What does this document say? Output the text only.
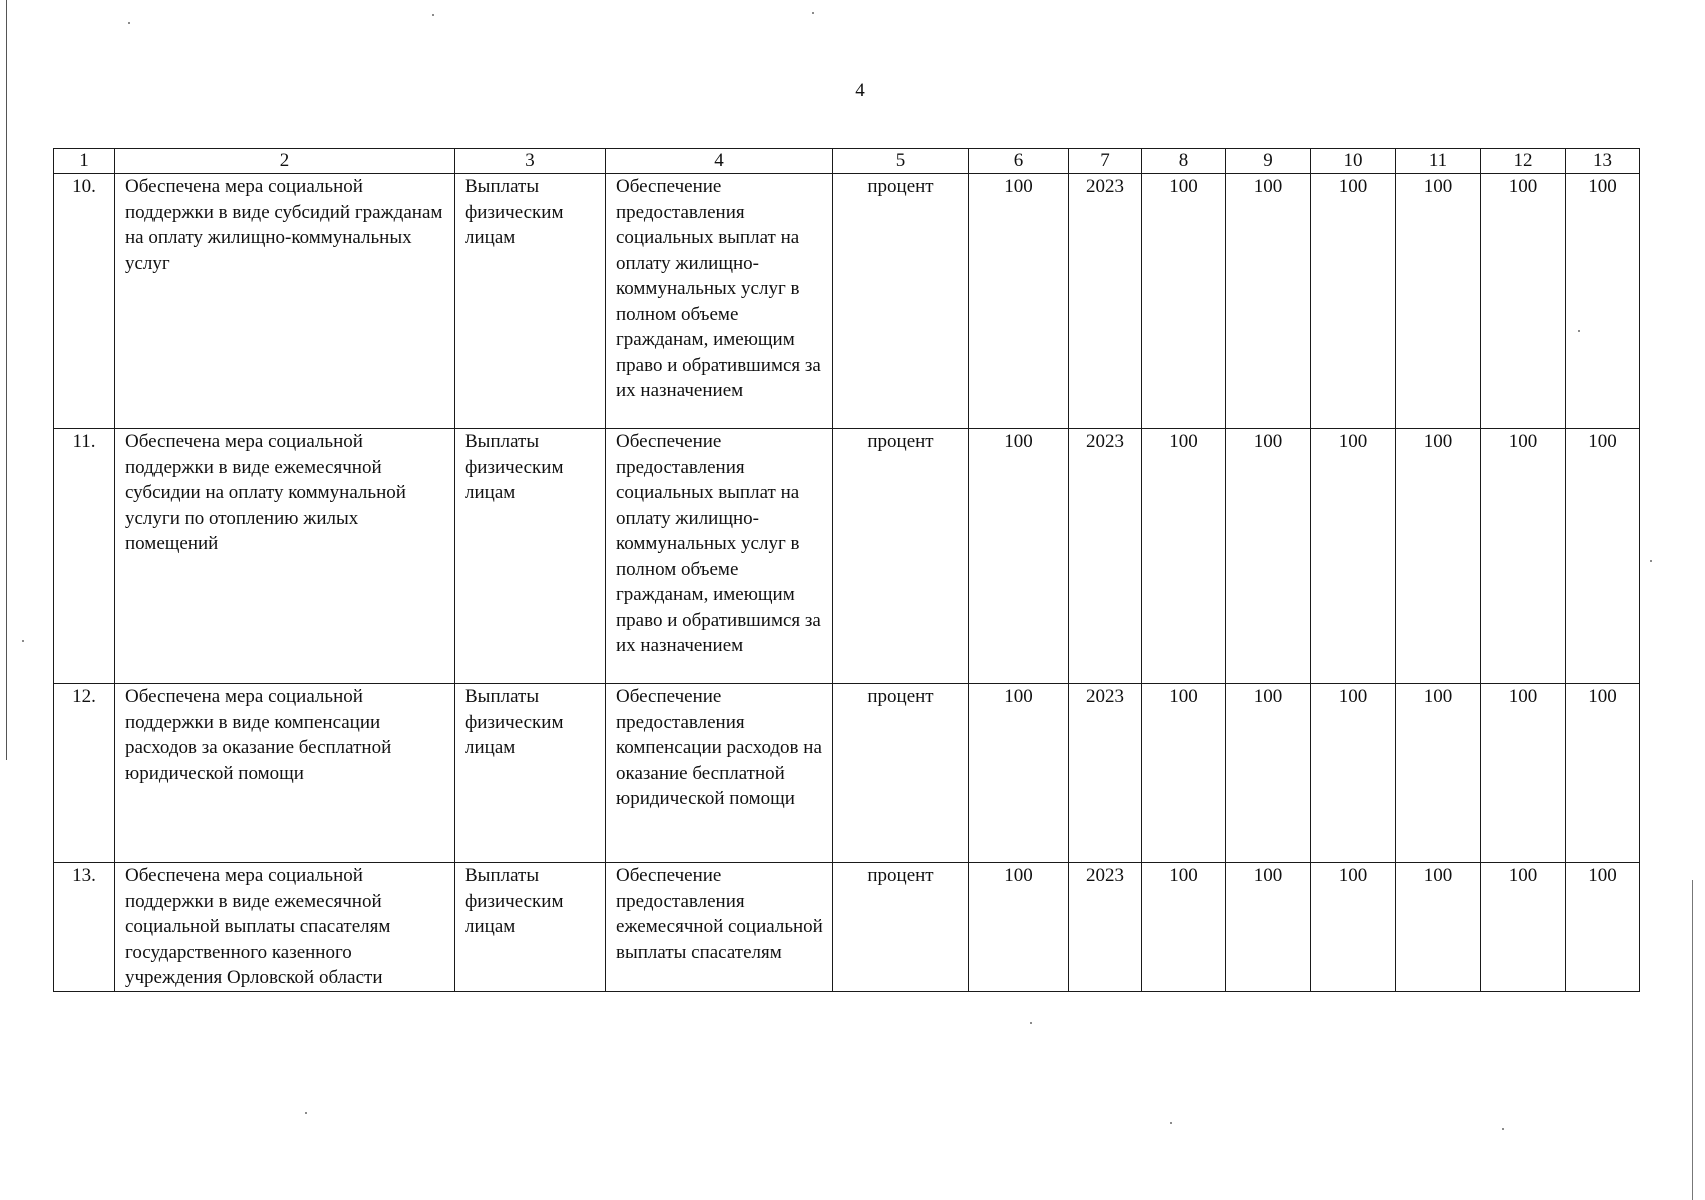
4
1	2	3	4	5	6	7	8	9	10	11	12	13
10.	Обеспечена мера социальной поддержки в виде субсидий гражданам на оплату жилищно-коммунальных услуг	Выплаты физическим лицам	Обеспечение предоставления социальных выплат на оплату жилищно-коммунальных услуг в полном объеме гражданам, имеющим право и обратившимся за их назначением	процент	100	2023	100	100	100	100	100	100
11.	Обеспечена мера социальной поддержки в виде ежемесячной субсидии на оплату коммунальной услуги по отоплению жилых помещений	Выплаты физическим лицам	Обеспечение предоставления социальных выплат на оплату жилищно-коммунальных услуг в полном объеме гражданам, имеющим право и обратившимся за их назначением	процент	100	2023	100	100	100	100	100	100
12.	Обеспечена мера социальной поддержки в виде компенсации расходов за оказание бесплатной юридической помощи	Выплаты физическим лицам	Обеспечение предоставления компенсации расходов на оказание бесплатной юридической помощи	процент	100	2023	100	100	100	100	100	100
13.	Обеспечена мера социальной поддержки в виде ежемесячной социальной выплаты спасателям государственного казенного учреждения Орловской области	Выплаты физическим лицам	Обеспечение предоставления ежемесячной социальной выплаты спасателям	процент	100	2023	100	100	100	100	100	100
